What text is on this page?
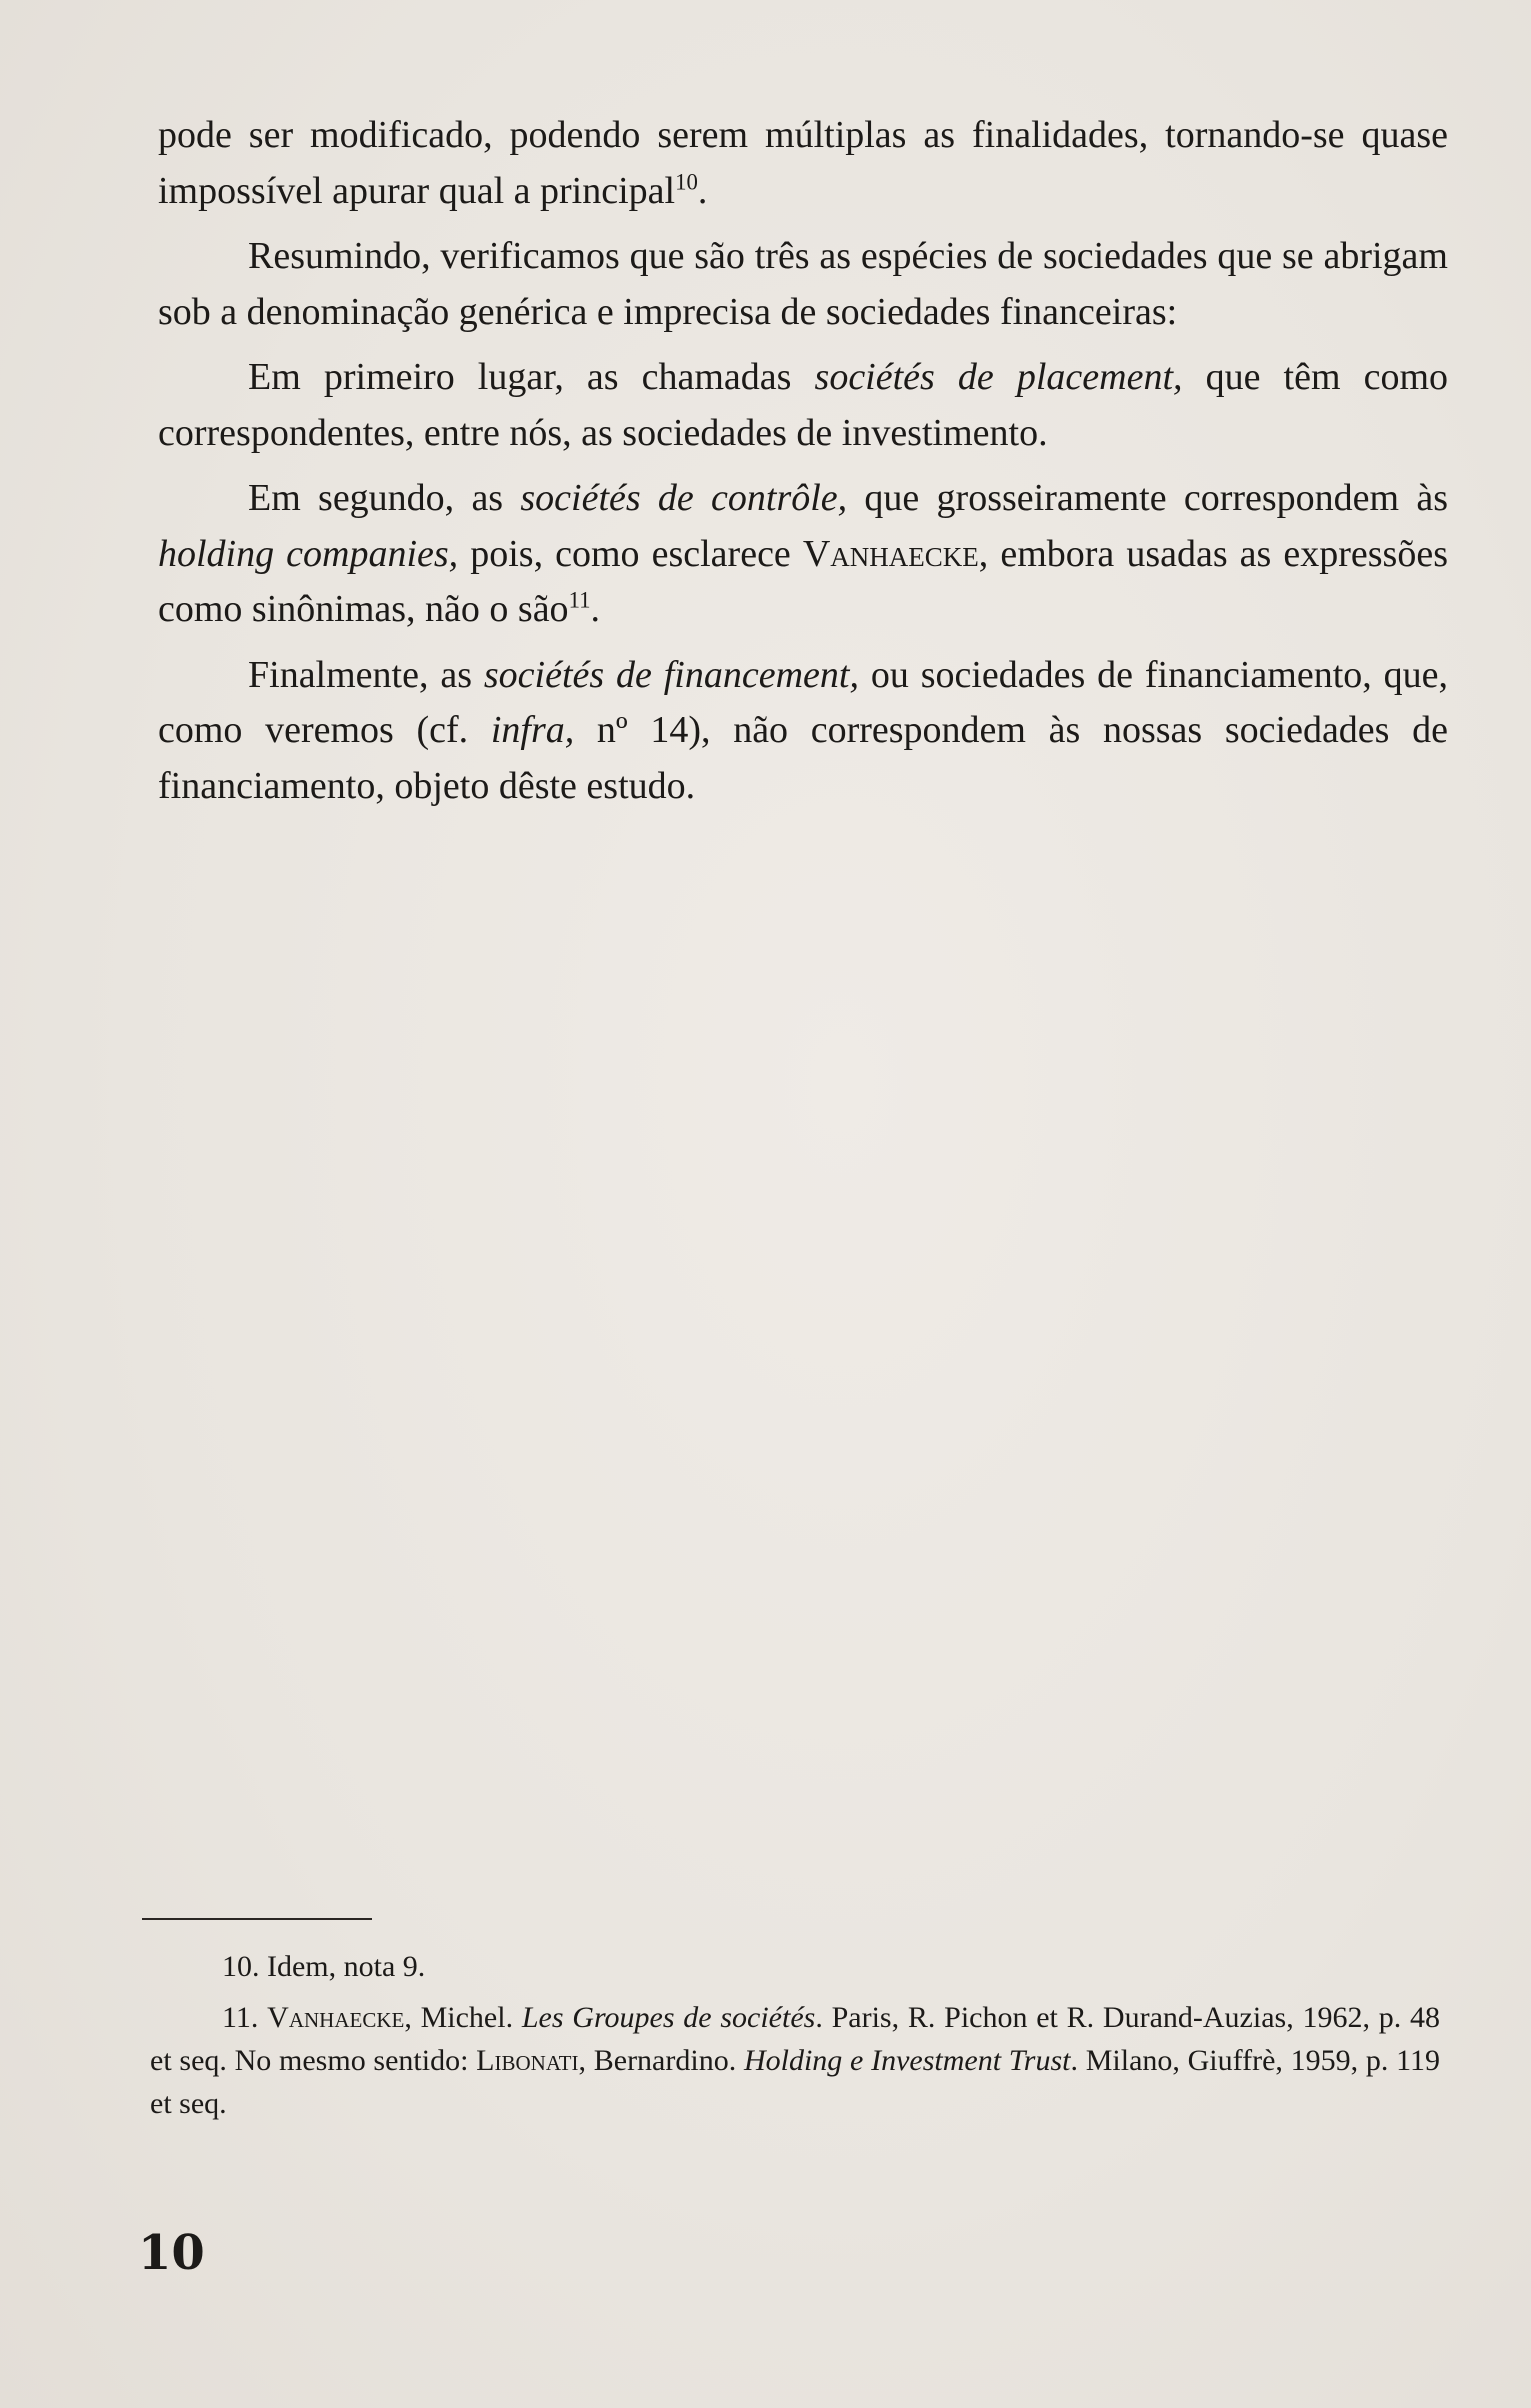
pode ser modificado, podendo serem múltiplas as finalidades, tornando-se quase impossível apurar qual a principal$^{10}$.

Resumindo, verificamos que são três as espécies de sociedades que se abrigam sob a denominação genérica e imprecisa de sociedades financeiras:

Em primeiro lugar, as chamadas sociétés de placement, que têm como correspondentes, entre nós, as sociedades de investimento.

Em segundo, as sociétés de contrôle, que grosseiramente correspondem às holding companies, pois, como esclarece Vanhaecke, embora usadas as expressões como sinônimas, não o são$^{11}$.

Finalmente, as sociétés de financement, ou sociedades de financiamento, que, como veremos (cf. infra, nº 14), não correspondem às nossas sociedades de financiamento, objeto dêste estudo.

10. Idem, nota 9.

11. Vanhaecke, Michel. Les Groupes de sociétés. Paris, R. Pichon et R. Durand-Auzias, 1962, p. 48 et seq. No mesmo sentido: Libonati, Bernardino. Holding e Investment Trust. Milano, Giuffrè, 1959, p. 119 et seq.

10
